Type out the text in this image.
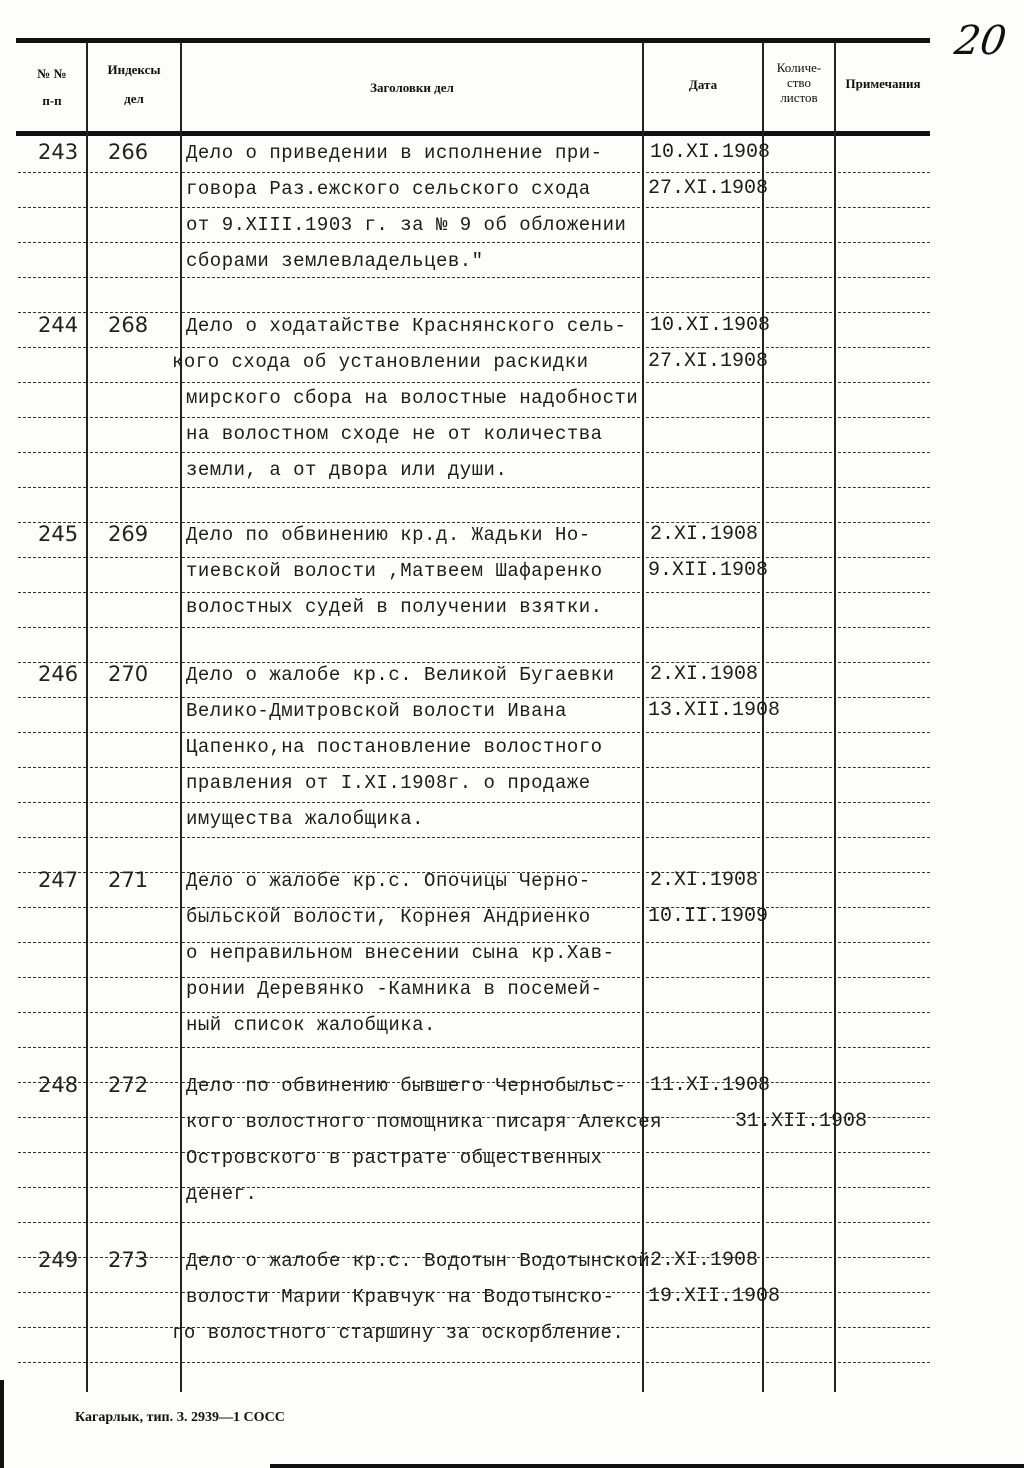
20
№ №
п-п
Индексы
дел
Заголовки дел	Дата
Количе-
ство
листов
Примечания
243 266 Дело о приведении в исполнение при-
говора Раз.ежского сельского схода
от 9.XIII.1903 г. за № 9 об обложении
сборами землевладельцев."
10.XI.1908
27.XI.1908
244 268 Дело о ходатайстве Краснянского сель-
кого схода об установлении раскидки
мирского сбора на волостные надобности
на волостном сходе не от количества
земли, а от двора или души.
10.XI.1908
27.XI.1908
245 269 Дело по обвинению кр.д. Жадьки Но-
тиевской волости ,Матвеем Шафаренко
волостных судей в получении взятки.
2.XI.1908
9.XII.1908
246 270 Дело о жалобе кр.с. Великой Бугаевки
Велико-Дмитровской волости Ивана
Цапенко,на постановление волостного
правления от I.XI.1908г. о продаже
имущества жалобщика.
2.XI.1908
13.XII.1908
247 271 Дело о жалобе кр.с. Опочицы Черно-
быльской волости, Корнея Андриенко
о неправильном внесении сына кр.Хав-
ронии Деревянко -Камника в посемей-
ный список жалобщика.
2.XI.1908
10.II.1909
248 272 Дело по обвинению бывшего Чернобыльс-
кого волостного помощника писаря Алексея
Островского в растрате общественных
денег.
11.XI.1908
31.XII.1908
249 273 Дело о жалобе кр.с. Водотын Водотынской
волости Марии Кравчук на Водотынско-
го волостного старшину за оскорбление.
2.XI.1908
19.XII.1908
Кагарлык, тип. З. 2939—1 СОСС
